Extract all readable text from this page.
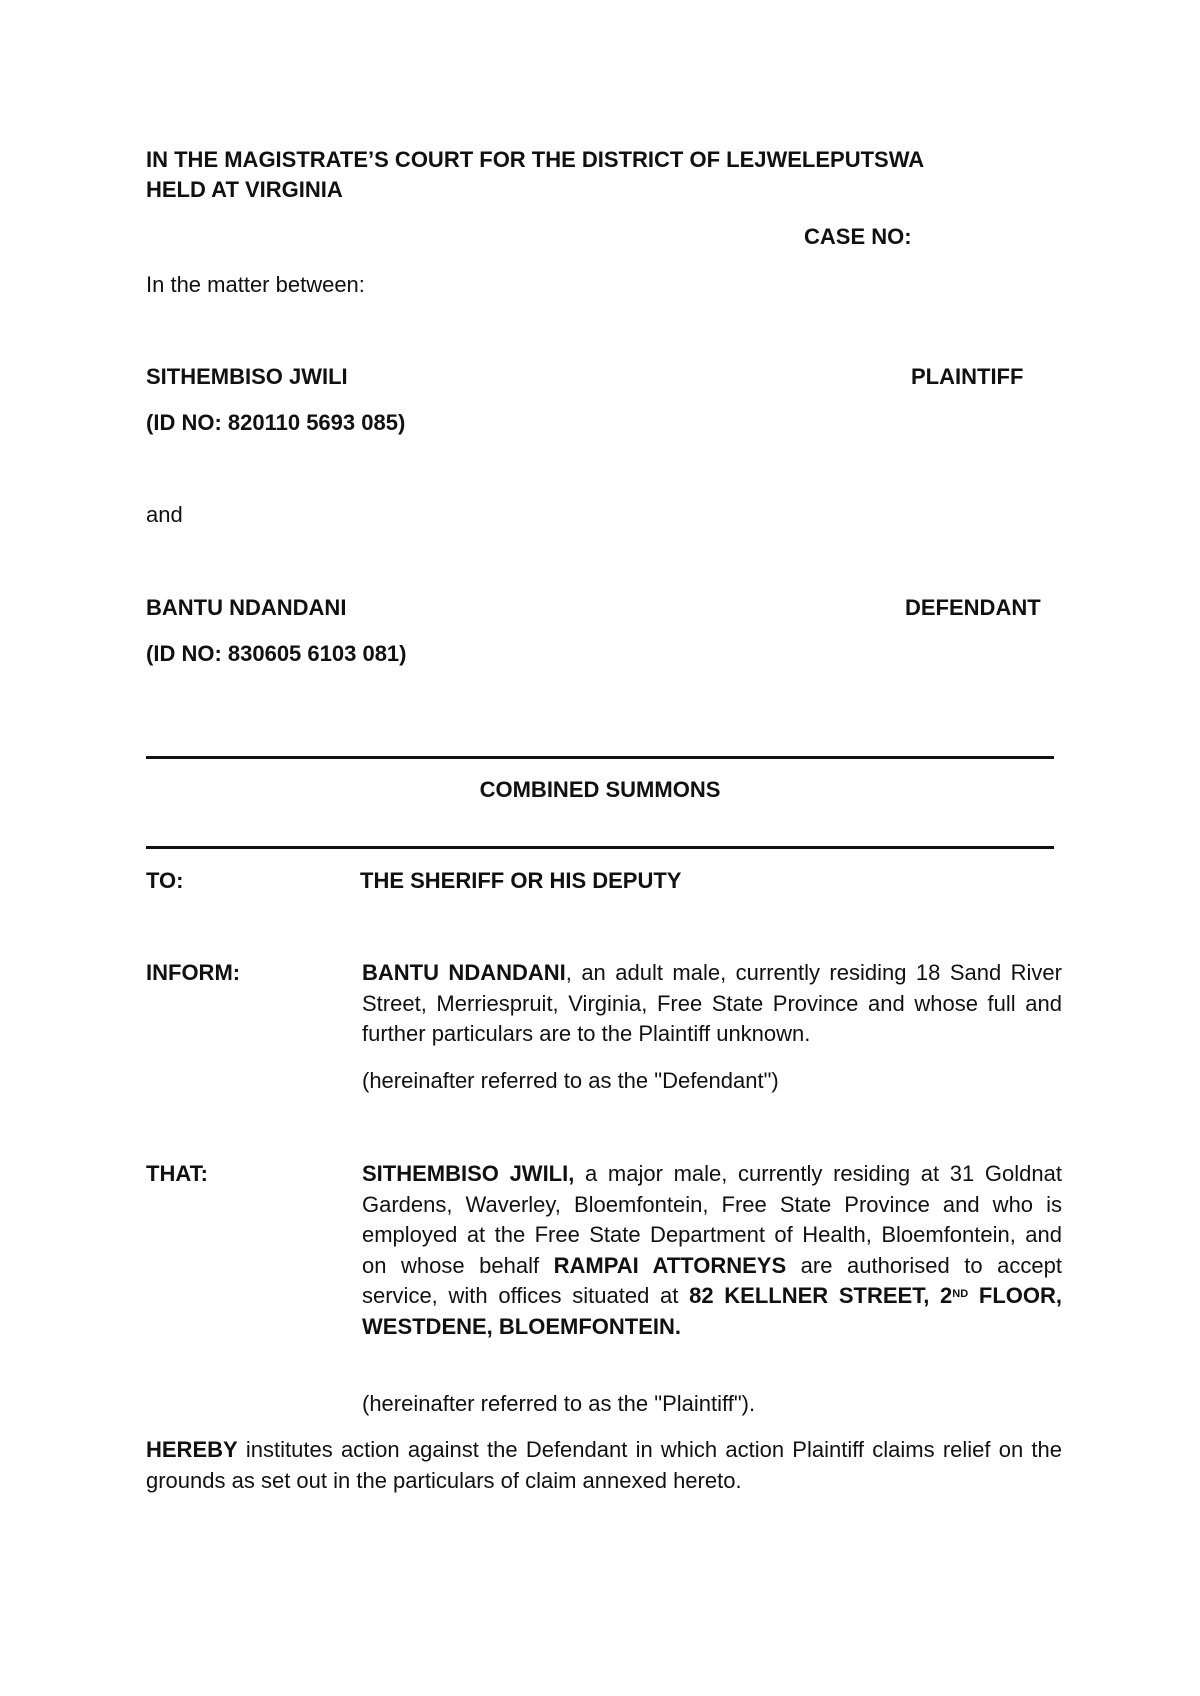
IN THE MAGISTRATE’S COURT FOR THE DISTRICT OF LEJWELEPUTSWA
HELD AT VIRGINIA
CASE NO:
In the matter between:
SITHEMBISO JWILI	PLAINTIFF
(ID NO: 820110 5693 085)
and
BANTU NDANDANI	DEFENDANT
(ID NO: 830605 6103 081)
COMBINED SUMMONS
TO:	THE SHERIFF OR HIS DEPUTY
INFORM:	BANTU NDANDANI, an adult male, currently residing 18 Sand River Street, Merriespruit, Virginia, Free State Province and whose full and further particulars are to the Plaintiff unknown.
(hereinafter referred to as the "Defendant")
THAT:	SITHEMBISO JWILI, a major male, currently residing at 31 Goldnat Gardens, Waverley, Bloemfontein, Free State Province and who is employed at the Free State Department of Health, Bloemfontein, and on whose behalf RAMPAI ATTORNEYS are authorised to accept service, with offices situated at 82 KELLNER STREET, 2ND FLOOR, WESTDENE, BLOEMFONTEIN.
(hereinafter referred to as the "Plaintiff").
HEREBY institutes action against the Defendant in which action Plaintiff claims relief on the grounds as set out in the particulars of claim annexed hereto.
